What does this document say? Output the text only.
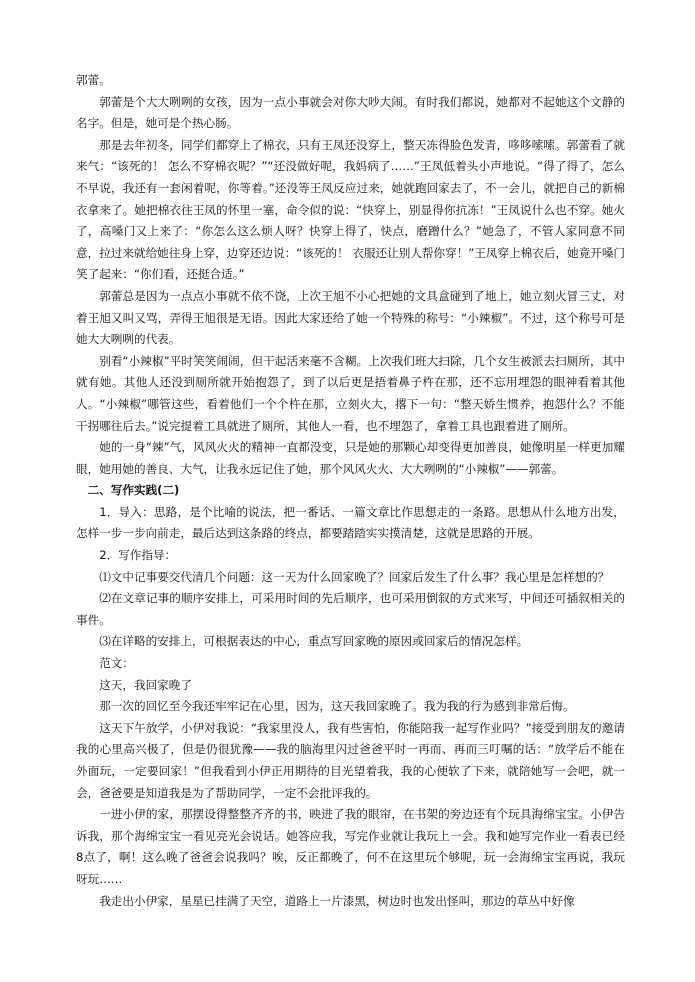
郭蕾。

郭蕾是个大大咧咧的女孩，因为一点小事就会对你大吵大闹。有时我们都说，她都对不起她这个文静的名字。但是，她可是个热心肠。

那是去年初冬，同学们都穿上了棉衣，只有王凤还没穿上，整天冻得脸色发青，哆哆嗦嗦。郭蕾看了就来气：“该死的！ 怎么不穿棉衣呢？”“还没做好呢，我妈病了……”王凤低着头小声地说。“得了得了，怎么不早说，我还有一套闲着呢，你等着。”还没等王凤反应过来，她就跑回家去了，不一会儿，就把自己的新棉衣拿来了。她把棉衣往王凤的怀里一塞，命令似的说：“快穿上，别显得你抗冻！”王凤说什么也不穿。她火了，高嗓门又上来了：“你怎么这么烦人呀？快穿上得了，快点，磨蹭什么？”她急了，不管人家同意不同意，拉过来就给她往身上穿，边穿还边说：“该死的！ 衣服还让别人帮你穿！”王凤穿上棉衣后，她竟开嗓门笑了起来：“你们看，还挺合适。”

郭蕾总是因为一点点小事就不依不饶，上次王旭不小心把她的文具盒碰到了地上，她立刻火冒三丈，对着王旭又叫又骂，弄得王旭很是无语。因此大家还给了她一个特殊的称号：“小辣椒”。不过，这个称号可是她大大咧咧的代表。

别看“小辣椒”平时笑笑闹闹，但干起活来毫不含糊。上次我们班大扫除，几个女生被派去扫厕所，其中就有她。其他人还没到厕所就开始抱怨了，到了以后更是捂着鼻子杵在那，还不忘用埋怨的眼神看着其他人。“小辣椒”哪管这些，看着他们一个个杵在那，立刻火大，撂下一句：“整天娇生惯养，抱怨什么？不能干拐哪往后去。”说完提着工具就进了厕所，其他人一看，也不埋怨了，拿着工具也跟着进了厕所。

她的一身“辣”气，风风火火的精神一直都没变，只是她的那颗心却变得更加善良，她像明星一样更加耀眼，她用她的善良、大气，让我永远记住了她，那个风风火火、大大咧咧的“小辣椒”——郭蕾。

二、写作实践(二)

1．导入：思路，是个比喻的说法，把一番话、一篇文章比作思想走的一条路。思想从什么地方出发，怎样一步一步向前走，最后达到这条路的终点，都要踏踏实实摸清楚，这就是思路的开展。

2．写作指导：

⑴文中记事要交代清几个问题：这一天为什么回家晚了？回家后发生了什么事？我心里是怎样想的？

⑵在文章记事的顺序安排上，可采用时间的先后顺序，也可采用倒叙的方式来写，中间还可插叙相关的事件。

⑶在详略的安排上，可根据表达的中心，重点写回家晚的原因或回家后的情况怎样。

范文：

这天，我回家晚了

那一次的回忆至今我还牢牢记在心里，因为，这天我回家晚了。我为我的行为感到非常后悔。

这天下午放学，小伊对我说：“我家里没人，我有些害怕，你能陪我一起写作业吗？”接受到朋友的邀请我的心里高兴极了，但是仍很犹豫——我的脑海里闪过爸爸平时一再而、再而三叮嘱的话：“放学后不能在外面玩，一定要回家！”但我看到小伊正用期待的目光望着我，我的心便软了下来，就陪她写一会吧，就一会，爸爸要是知道我是为了帮助同学，一定不会批评我的。

一进小伊的家，那摆设得整整齐齐的书，映进了我的眼帘，在书架的旁边还有个玩具海绵宝宝。小伊告诉我，那个海绵宝宝一看见亮光会说话。她答应我，写完作业就让我玩上一会。我和她写完作业一看表已经8点了，啊！这么晚了爸爸会说我吗？唉，反正都晚了，何不在这里玩个够呢，玩一会海绵宝宝再说，我玩呀玩……

我走出小伊家，星星已挂满了天空，道路上一片漆黑，树边时也发出怪叫，那边的草丛中好像
